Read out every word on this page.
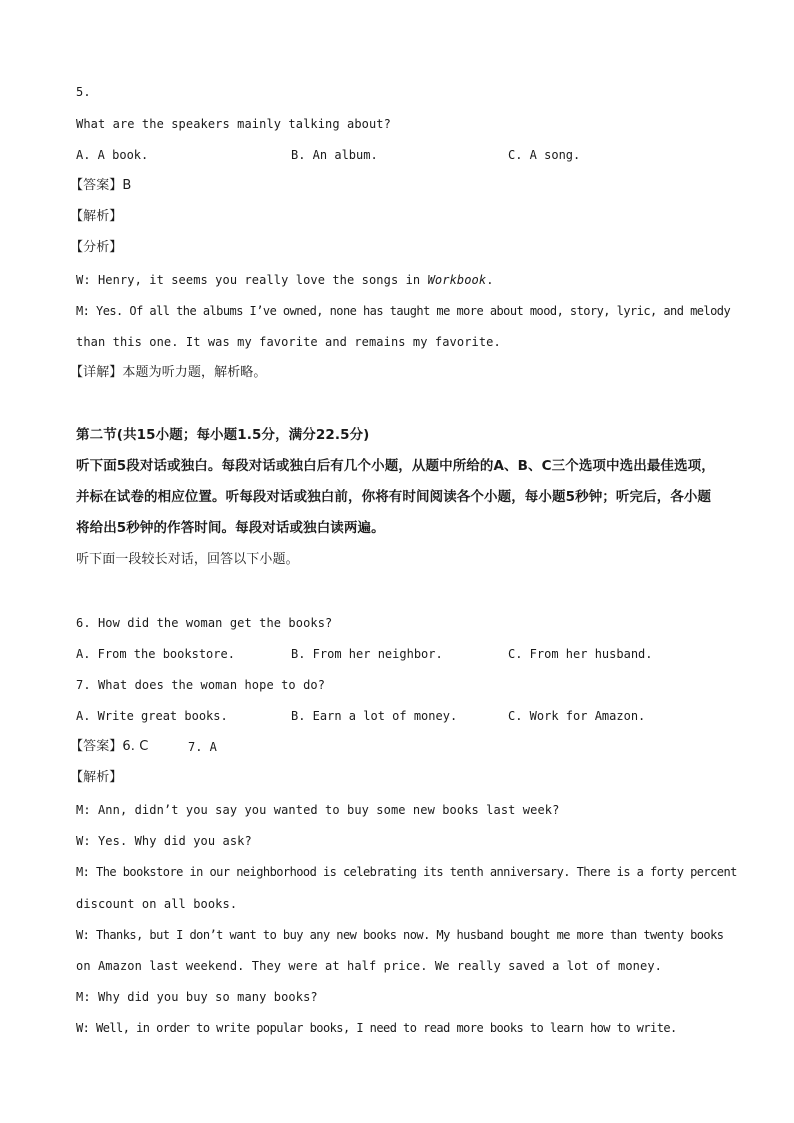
5.
What are the speakers mainly talking about?
A. A book.	B. An album.	C. A song.
【答案】B
【解析】
【分析】
W: Henry, it seems you really love the songs in Workbook.
M: Yes. Of all the albums I’ve owned, none has taught me more about mood, story, lyric, and melody
than this one. It was my favorite and remains my favorite.
【详解】本题为听力题，解析略。
第二节(共15小题；每小题1.5分，满分22.5分)
听下面5段对话或独白。每段对话或独白后有几个小题，从题中所给的A、B、C三个选项中选出最佳选项，
并标在试卷的相应位置。听每段对话或独白前，你将有时间阅读各个小题，每小题5秒钟；听完后，各小题
将给出5秒钟的作答时间。每段对话或独白读两遍。
听下面一段较长对话，回答以下小题。
6. How did the woman get the books?
A. From the bookstore.	B. From her neighbor.	C. From her husband.
7. What does the woman hope to do?
A. Write great books.	B. Earn a lot of money.	C. Work for Amazon.
【答案】6. C	7. A
【解析】
M: Ann, didn’t you say you wanted to buy some new books last week?
W: Yes. Why did you ask?
M: The bookstore in our neighborhood is celebrating its tenth anniversary. There is a forty percent
discount on all books.
W: Thanks, but I don’t want to buy any new books now. My husband bought me more than twenty books
on Amazon last weekend. They were at half price. We really saved a lot of money.
M: Why did you buy so many books?
W: Well, in order to write popular books, I need to read more books to learn how to write.
